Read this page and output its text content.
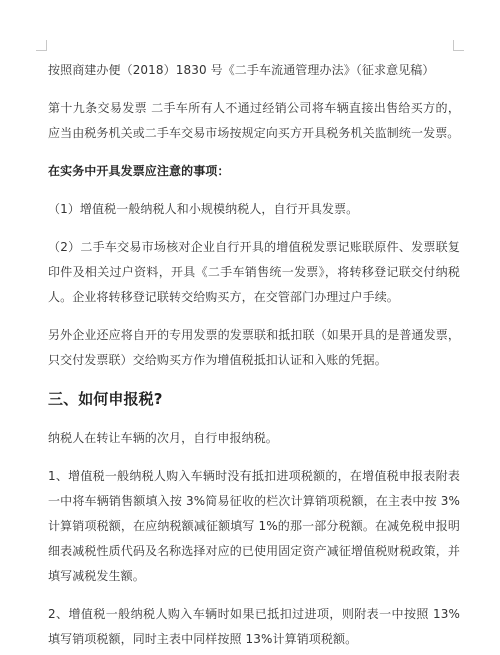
按照商建办便（2018）1830 号《二手车流通管理办法》（征求意见稿）

第十九条交易发票 二手车所有人不通过经销公司将车辆直接出售给买方的，应当由税务机关或二手车交易市场按规定向买方开具税务机关监制统一发票。

在实务中开具发票应注意的事项：

（1）增值税一般纳税人和小规模纳税人，自行开具发票。

（2）二手车交易市场核对企业自行开具的增值税发票记账联原件、发票联复印件及相关过户资料，开具《二手车销售统一发票》，将转移登记联交付纳税人。企业将转移登记联转交给购买方，在交管部门办理过户手续。

另外企业还应将自开的专用发票的发票联和抵扣联（如果开具的是普通发票，只交付发票联）交给购买方作为增值税抵扣认证和入账的凭据。

三、如何申报税?

纳税人在转让车辆的次月，自行申报纳税。

1、增值税一般纳税人购入车辆时没有抵扣进项税额的，在增值税申报表附表一中将车辆销售额填入按 3%简易征收的栏次计算销项税额，在主表中按 3%计算销项税额，在应纳税额减征额填写 1%的那一部分税额。在减免税申报明细表减税性质代码及名称选择对应的已使用固定资产减征增值税财税政策，并填写减税发生额。

2、增值税一般纳税人购入车辆时如果已抵扣过进项，则附表一中按照 13%填写销项税额，同时主表中同样按照 13%计算销项税额。
